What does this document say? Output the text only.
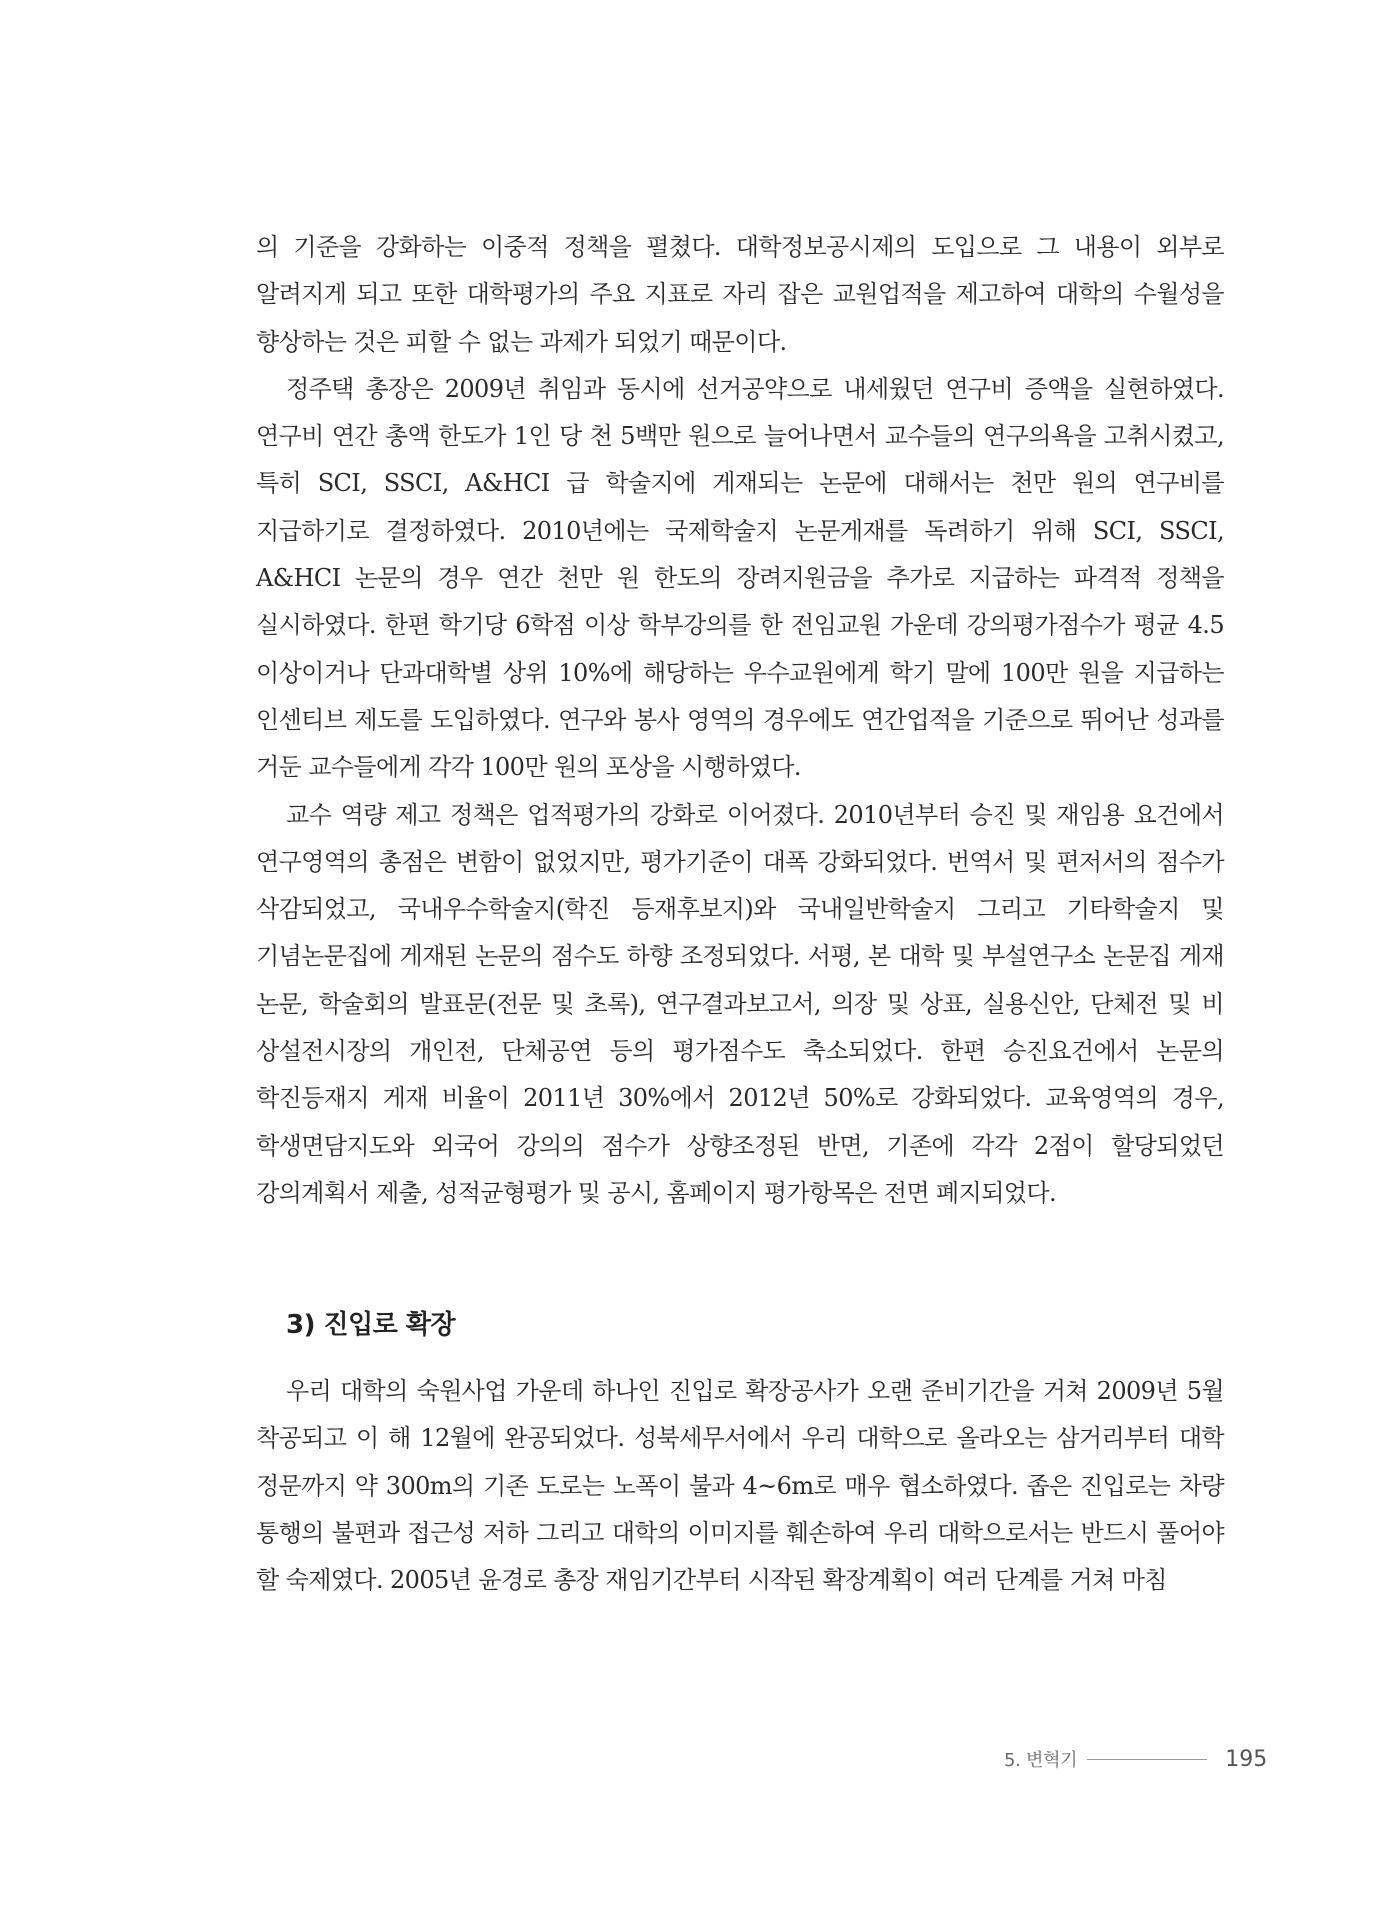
의 기준을 강화하는 이중적 정책을 펼쳤다. 대학정보공시제의 도입으로 그 내용이 외부로 알려지게 되고 또한 대학평가의 주요 지표로 자리 잡은 교원업적을 제고하여 대학의 수월성을 향상하는 것은 피할 수 없는 과제가 되었기 때문이다.

정주택 총장은 2009년 취임과 동시에 선거공약으로 내세웠던 연구비 증액을 실현하였다. 연구비 연간 총액 한도가 1인 당 천 5백만 원으로 늘어나면서 교수들의 연구의욕을 고취시켰고, 특히 SCI, SSCI, A&HCI 급 학술지에 게재되는 논문에 대해서는 천만 원의 연구비를 지급하기로 결정하였다. 2010년에는 국제학술지 논문게재를 독려하기 위해 SCI, SSCI, A&HCI 논문의 경우 연간 천만 원 한도의 장려지원금을 추가로 지급하는 파격적 정책을 실시하였다. 한편 학기당 6학점 이상 학부강의를 한 전임교원 가운데 강의평가점수가 평균 4.5 이상이거나 단과대학별 상위 10%에 해당하는 우수교원에게 학기 말에 100만 원을 지급하는 인센티브 제도를 도입하였다. 연구와 봉사 영역의 경우에도 연간업적을 기준으로 뛰어난 성과를 거둔 교수들에게 각각 100만 원의 포상을 시행하였다.

교수 역량 제고 정책은 업적평가의 강화로 이어졌다. 2010년부터 승진 및 재임용 요건에서 연구영역의 총점은 변함이 없었지만, 평가기준이 대폭 강화되었다. 번역서 및 편저서의 점수가 삭감되었고, 국내우수학술지(학진 등재후보지)와 국내일반학술지 그리고 기타학술지 및 기념논문집에 게재된 논문의 점수도 하향 조정되었다. 서평, 본 대학 및 부설연구소 논문집 게재 논문, 학술회의 발표문(전문 및 초록), 연구결과보고서, 의장 및 상표, 실용신안, 단체전 및 비 상설전시장의 개인전, 단체공연 등의 평가점수도 축소되었다. 한편 승진요건에서 논문의 학진등재지 게재 비율이 2011년 30%에서 2012년 50%로 강화되었다. 교육영역의 경우, 학생면담지도와 외국어 강의의 점수가 상향조정된 반면, 기존에 각각 2점이 할당되었던 강의계획서 제출, 성적균형평가 및 공시, 홈페이지 평가항목은 전면 폐지되었다.

3) 진입로 확장

우리 대학의 숙원사업 가운데 하나인 진입로 확장공사가 오랜 준비기간을 거쳐 2009년 5월 착공되고 이 해 12월에 완공되었다. 성북세무서에서 우리 대학으로 올라오는 삼거리부터 대학 정문까지 약 300m의 기존 도로는 노폭이 불과 4~6m로 매우 협소하였다. 좁은 진입로는 차량 통행의 불편과 접근성 저하 그리고 대학의 이미지를 훼손하여 우리 대학으로서는 반드시 풀어야 할 숙제였다. 2005년 윤경로 총장 재임기간부터 시작된 확장계획이 여러 단계를 거쳐 마침

5. 변혁기	195
